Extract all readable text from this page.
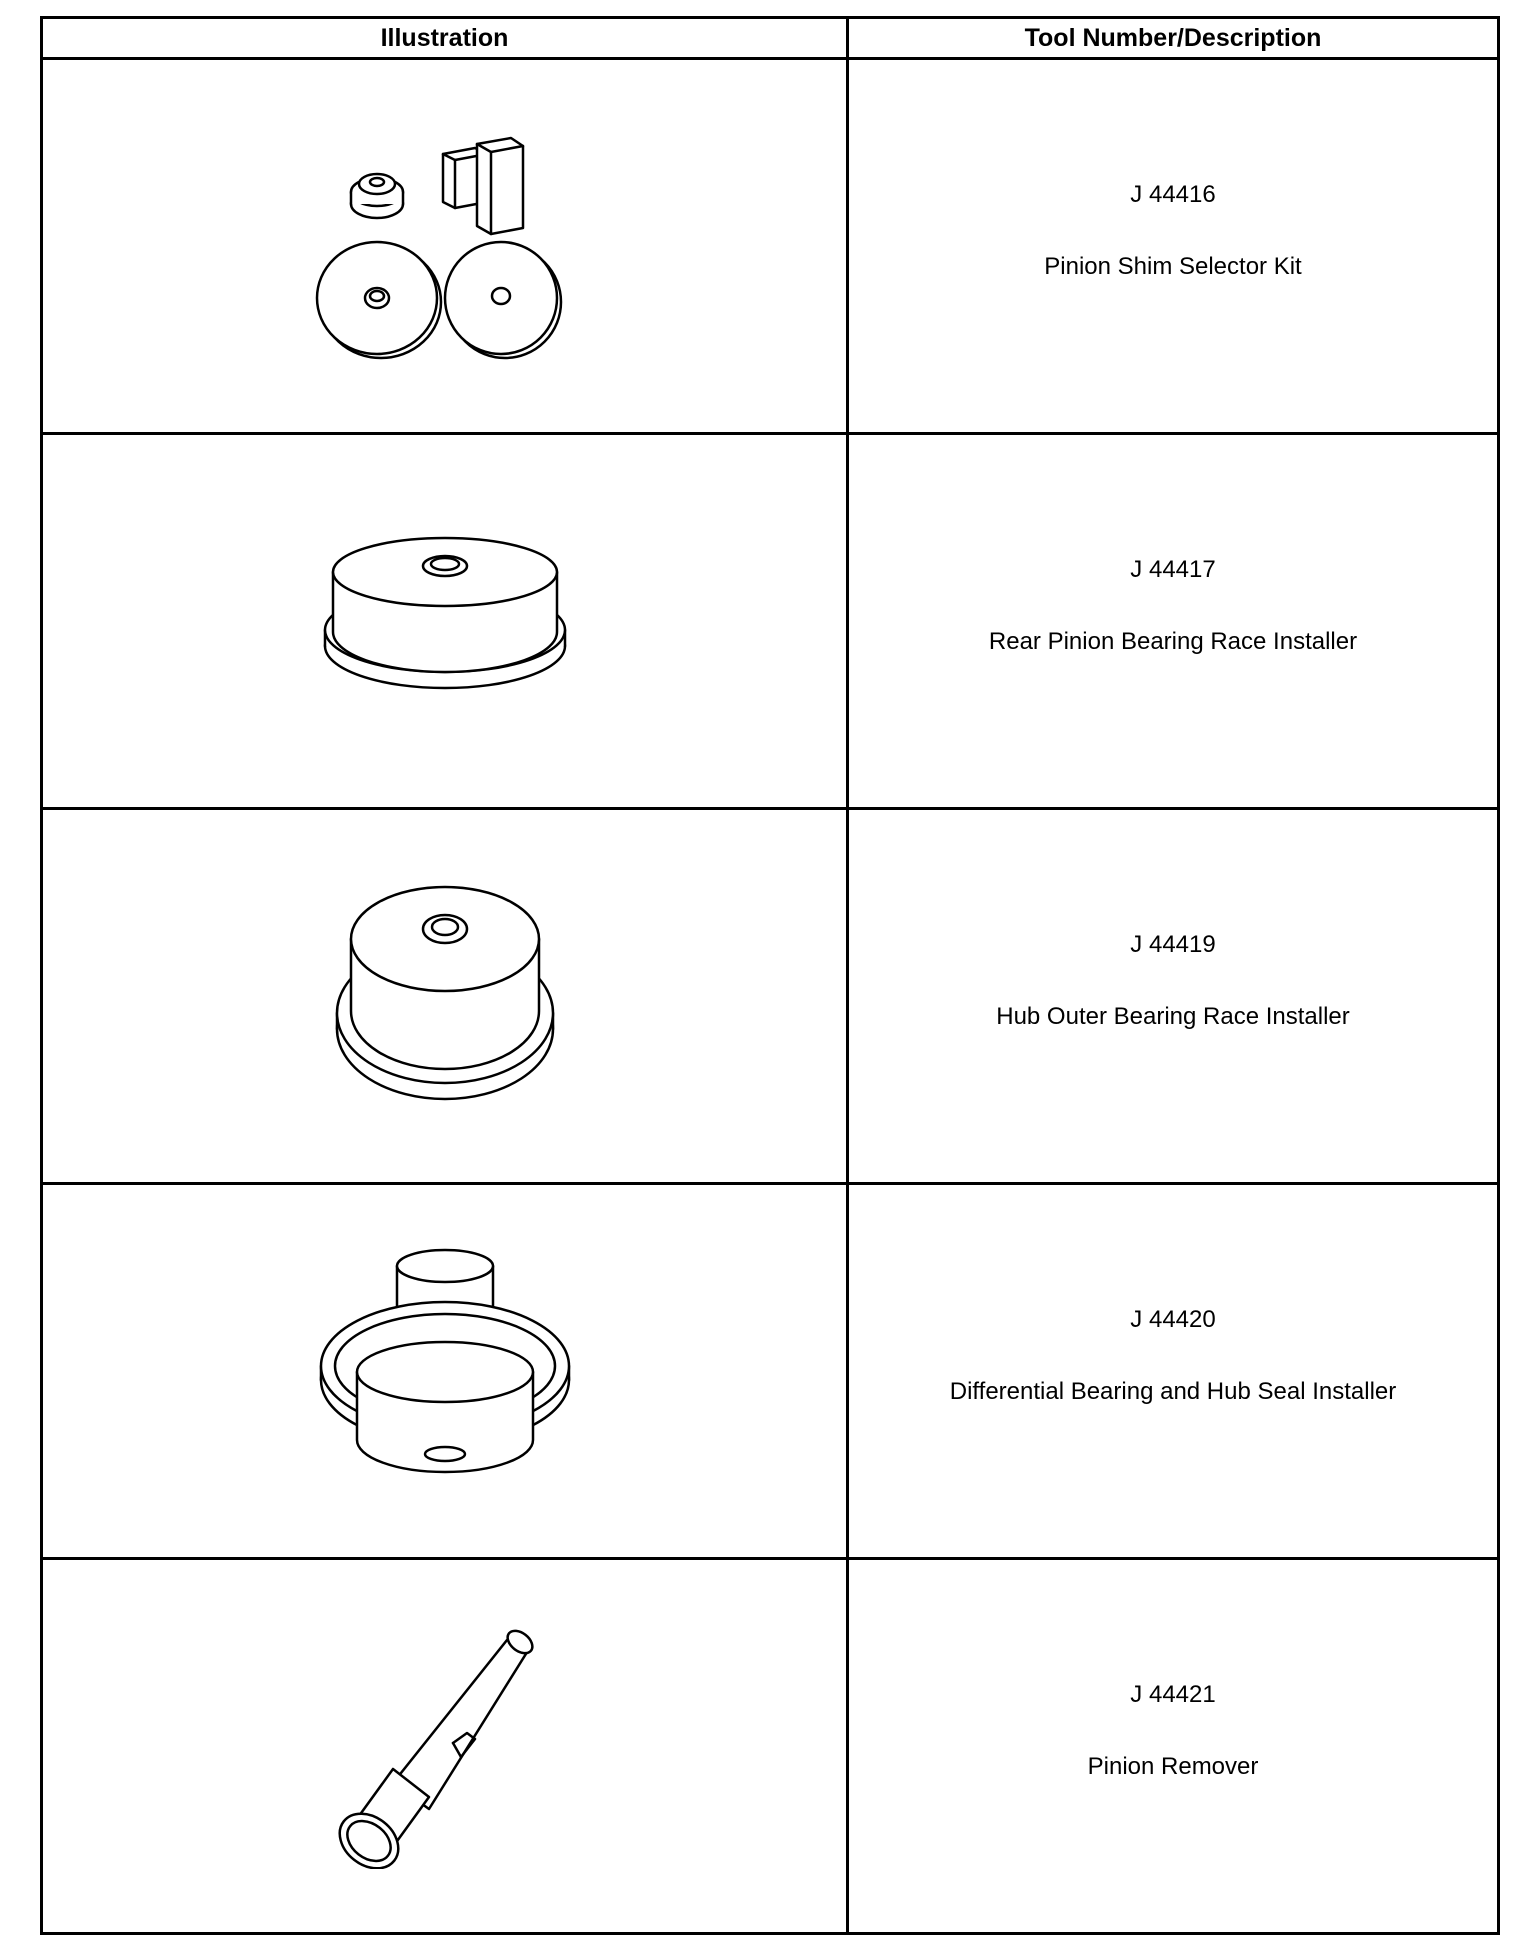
Illustration	Tool Number/Description

J 44416
Pinion Shim Selector Kit

J 44417
Rear Pinion Bearing Race Installer

J 44419
Hub Outer Bearing Race Installer

J 44420
Differential Bearing and Hub Seal Installer

J 44421
Pinion Remover
